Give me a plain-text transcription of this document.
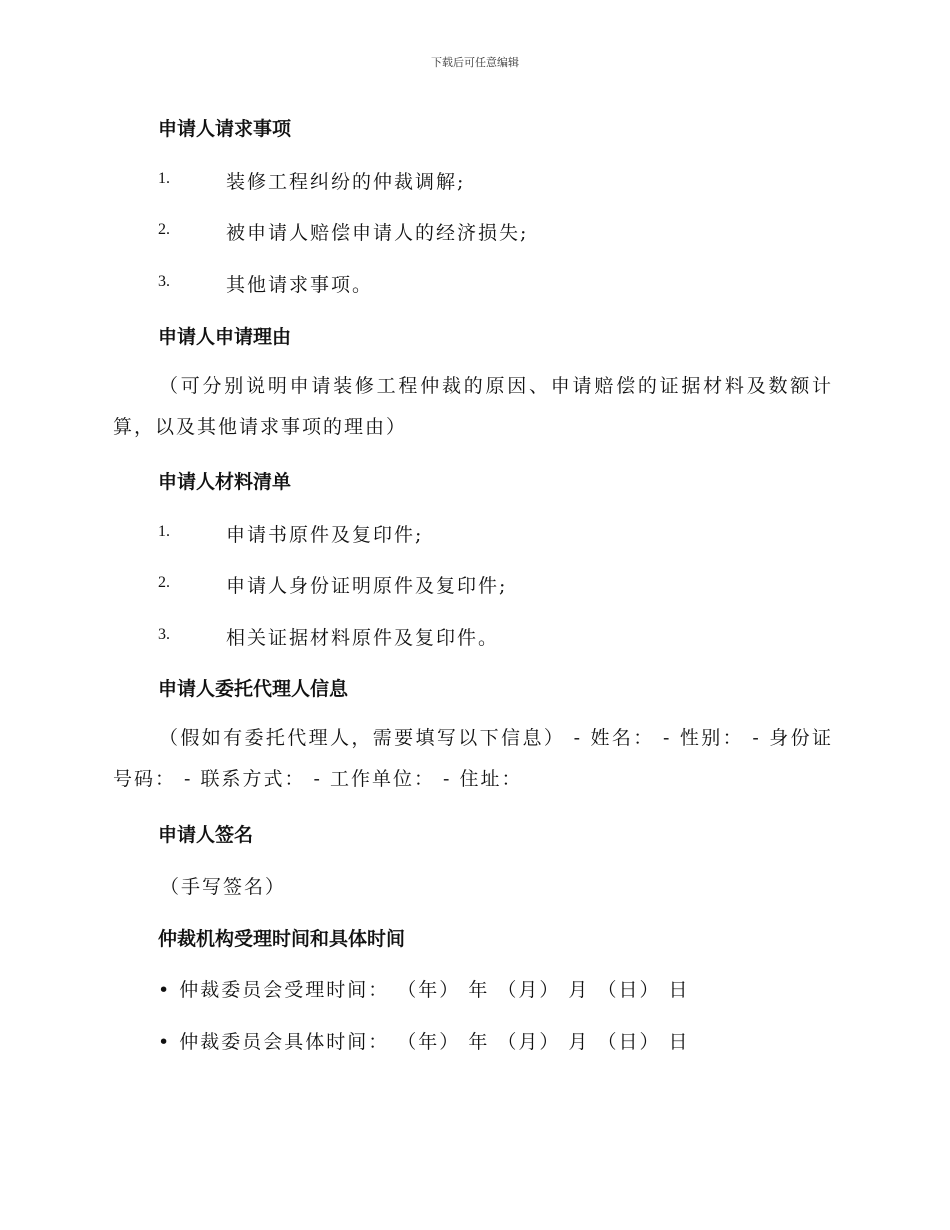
下载后可任意编辑
申请人请求事项
1.	装修工程纠纷的仲裁调解;
2.	被申请人赔偿申请人的经济损失;
3.	其他请求事项。
申请人申请理由
（可分别说明申请装修工程仲裁的原因、申请赔偿的证据材料及数额计算，以及其他请求事项的理由）
申请人材料清单
1.	申请书原件及复印件;
2.	申请人身份证明原件及复印件;
3.	相关证据材料原件及复印件。
申请人委托代理人信息
（假如有委托代理人，需要填写以下信息） - 姓名： - 性别： - 身份证号码： - 联系方式： - 工作单位： - 住址：
申请人签名
（手写签名）
仲裁机构受理时间和具体时间
• 仲裁委员会受理时间： （年） 年 （月） 月 （日） 日
• 仲裁委员会具体时间： （年） 年 （月） 月 （日） 日
